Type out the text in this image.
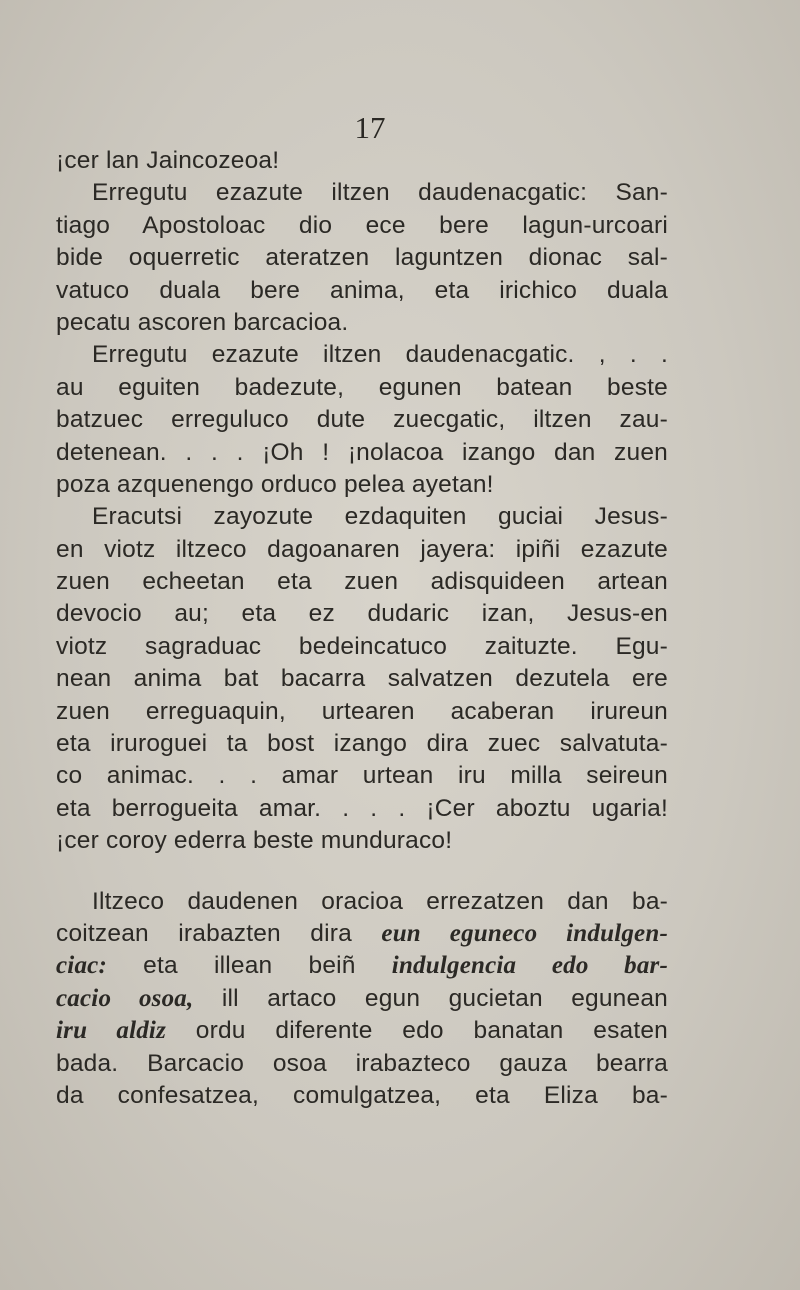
17
¡cer lan Jaincozeoa!
Erregutu ezazute iltzen daudenacgatic: San-
tiago Apostoloac dio ece bere lagun-urcoari
bide oquerretic ateratzen laguntzen dionac sal-
vatuco duala bere anima, eta irichico duala
pecatu ascoren barcacioa.
Erregutu ezazute iltzen daudenacgatic. , . .
au eguiten badezute, egunen batean beste
batzuec erreguluco dute zuecgatic, iltzen zau-
detenean. . . . ¡Oh ! ¡nolacoa izango dan zuen
poza azquenengo orduco pelea ayetan!
Eracutsi zayozute ezdaquiten guciai Jesus-
en viotz iltzeco dagoanaren jayera: ipiñi ezazute
zuen echeetan eta zuen adisquideen artean
devocio au; eta ez dudaric izan, Jesus-en
viotz sagraduac bedeincatuco zaituzte. Egu-
nean anima bat bacarra salvatzen dezutela ere
zuen erreguaquin, urtearen acaberan irureun
eta iruroguei ta bost izango dira zuec salvatuta-
co animac. . . amar urtean iru milla seireun
eta berrogueita amar. . . . ¡Cer aboztu ugaria!
¡cer coroy ederra beste munduraco!
Iltzeco daudenen oracioa errezatzen dan ba-
coitzean irabazten dira eun eguneco indulgen-
ciac: eta illean beiñ indulgencia edo bar-
cacio osoa, ill artaco egun gucietan egunean
iru aldiz ordu diferente edo banatan esaten
bada. Barcacio osoa irabazteco gauza bearra
da confesatzea, comulgatzea, eta Eliza ba-
